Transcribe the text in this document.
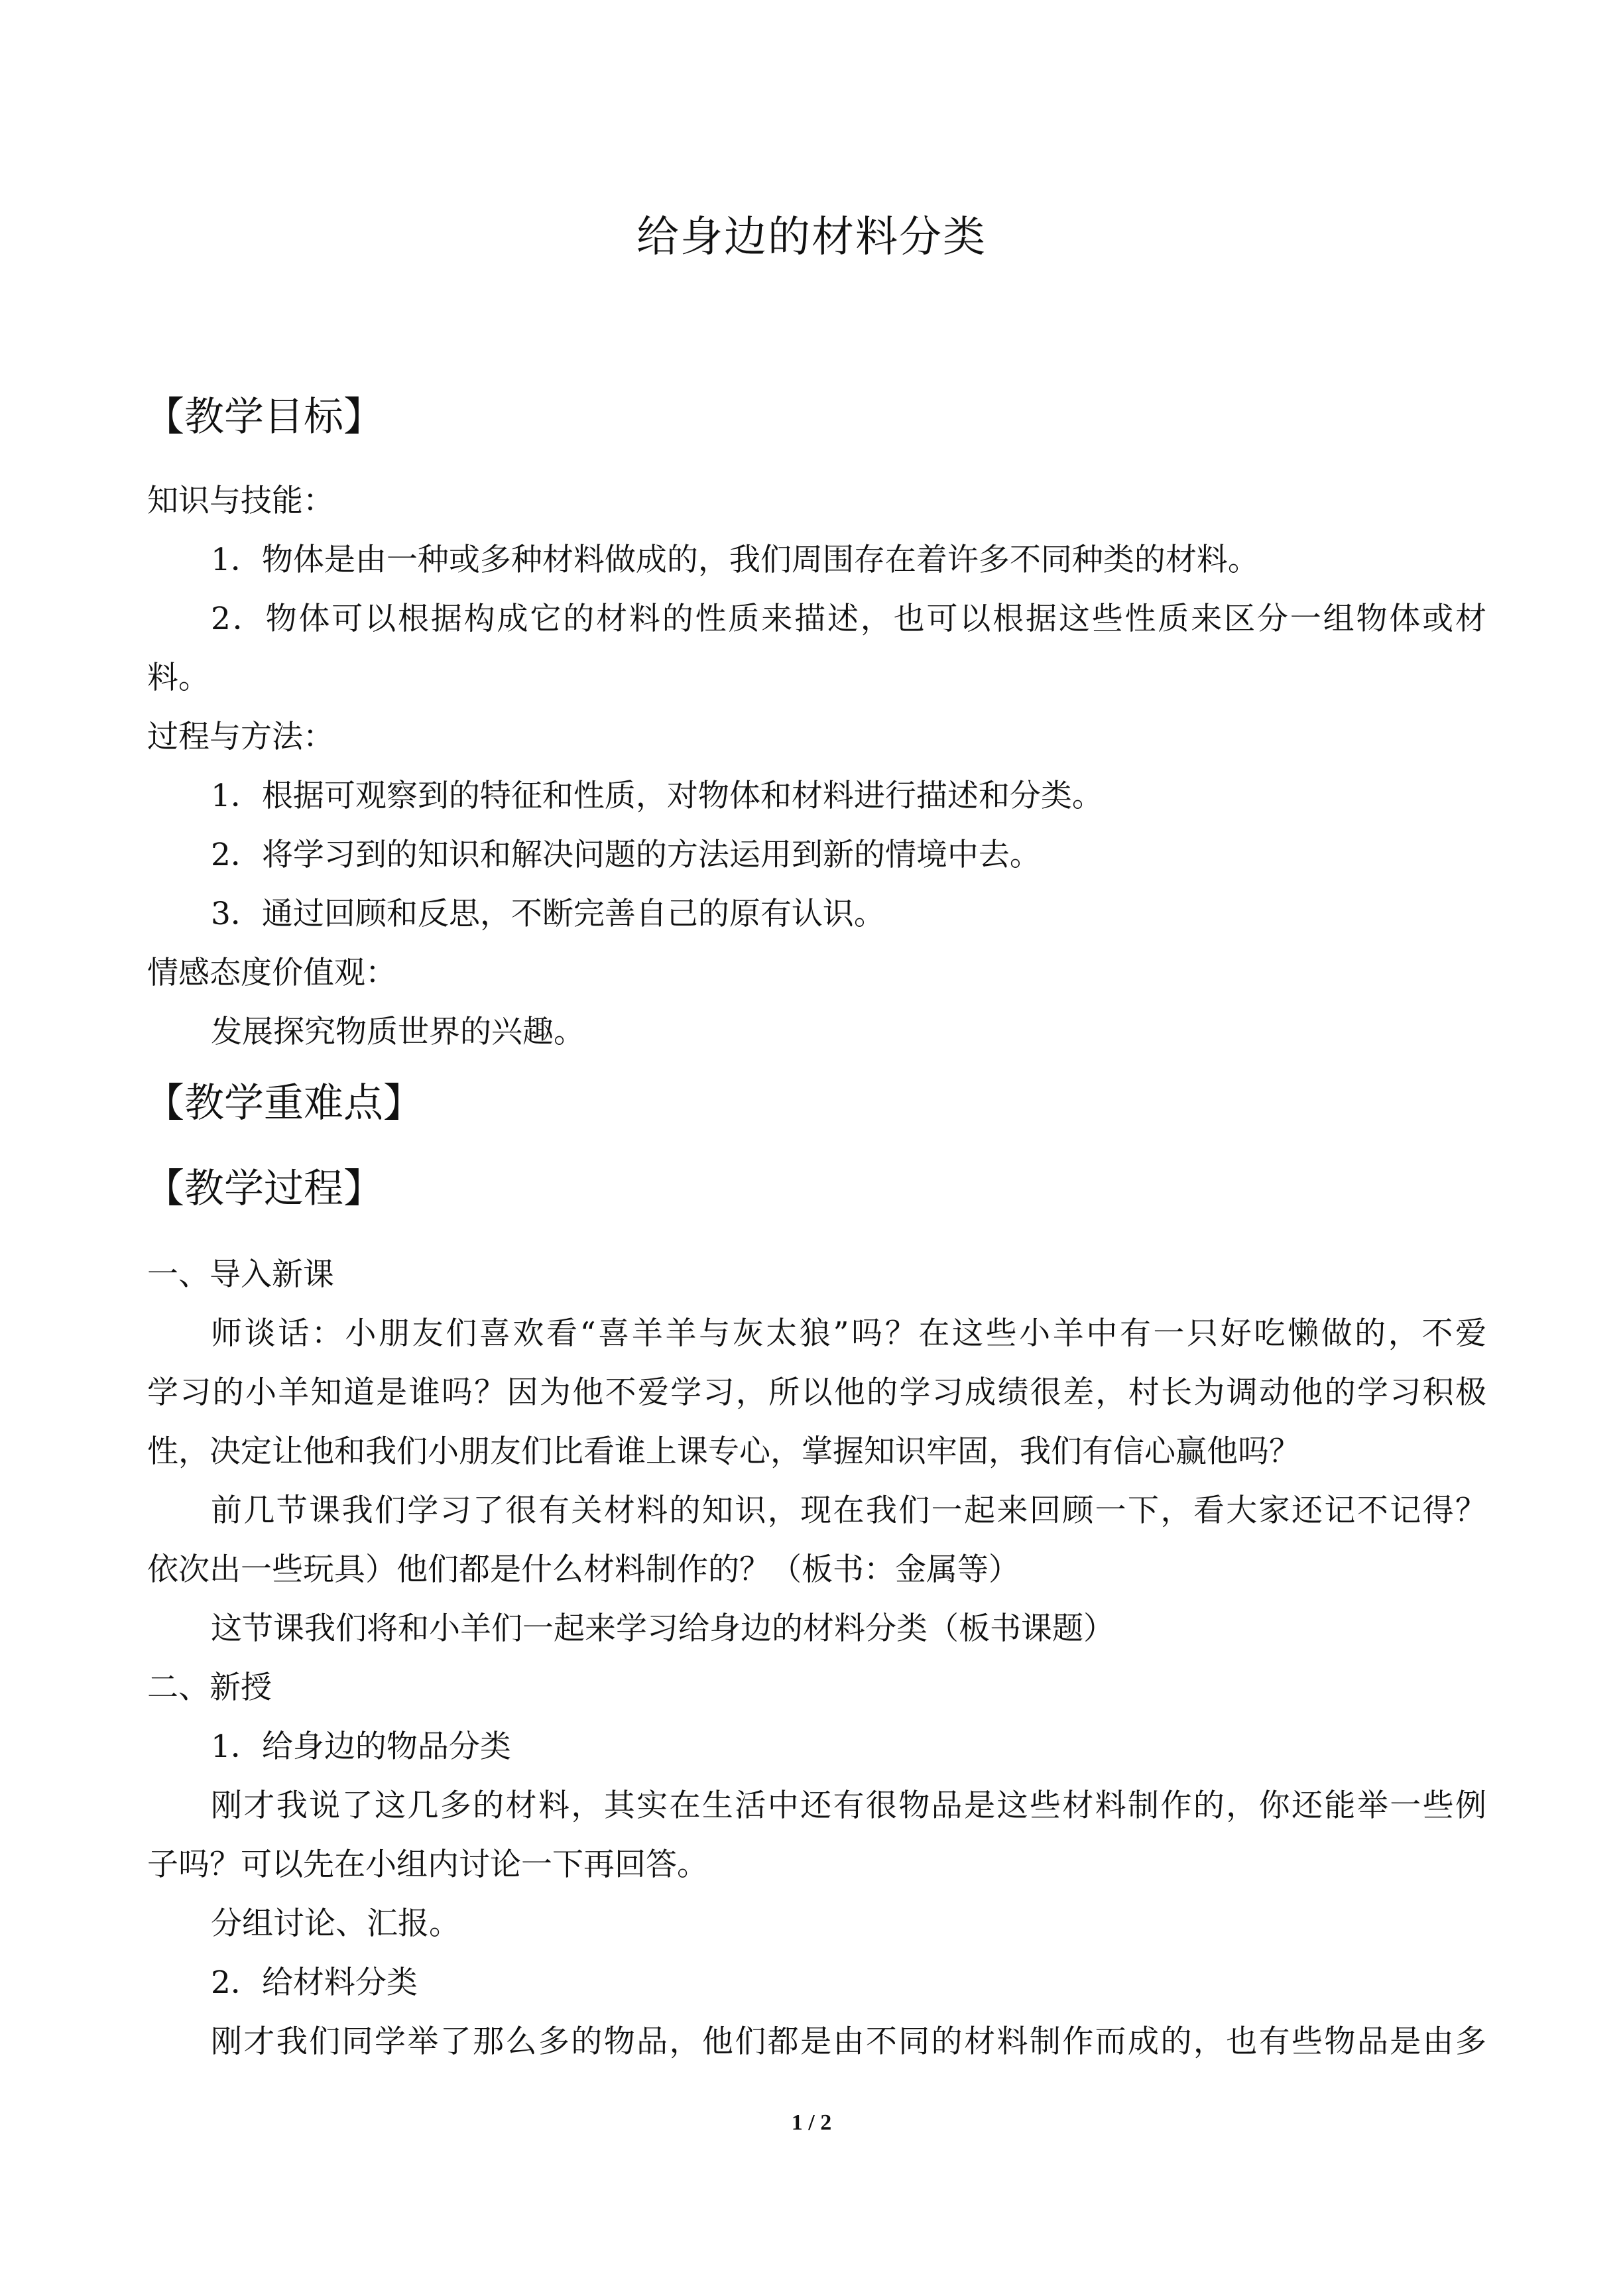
给身边的材料分类
【教学目标】
知识与技能：
1．物体是由一种或多种材料做成的，我们周围存在着许多不同种类的材料。
2．物体可以根据构成它的材料的性质来描述，也可以根据这些性质来区分一组物体或材
料。
过程与方法：
1．根据可观察到的特征和性质，对物体和材料进行描述和分类。
2．将学习到的知识和解决问题的方法运用到新的情境中去。
3．通过回顾和反思，不断完善自己的原有认识。
情感态度价值观：
发展探究物质世界的兴趣。
【教学重难点】
【教学过程】
一、导入新课
师谈话：小朋友们喜欢看“喜羊羊与灰太狼”吗？在这些小羊中有一只好吃懒做的，不爱
学习的小羊知道是谁吗？因为他不爱学习，所以他的学习成绩很差，村长为调动他的学习积极
性，决定让他和我们小朋友们比看谁上课专心，掌握知识牢固，我们有信心赢他吗？
前几节课我们学习了很有关材料的知识，现在我们一起来回顾一下，看大家还记不记得？
依次出一些玩具）他们都是什么材料制作的？（板书：金属等）
这节课我们将和小羊们一起来学习给身边的材料分类（板书课题）
二、新授
1．给身边的物品分类
刚才我说了这几多的材料，其实在生活中还有很物品是这些材料制作的，你还能举一些例
子吗？可以先在小组内讨论一下再回答。
分组讨论、汇报。
2．给材料分类
刚才我们同学举了那么多的物品，他们都是由不同的材料制作而成的，也有些物品是由多
1 / 2
